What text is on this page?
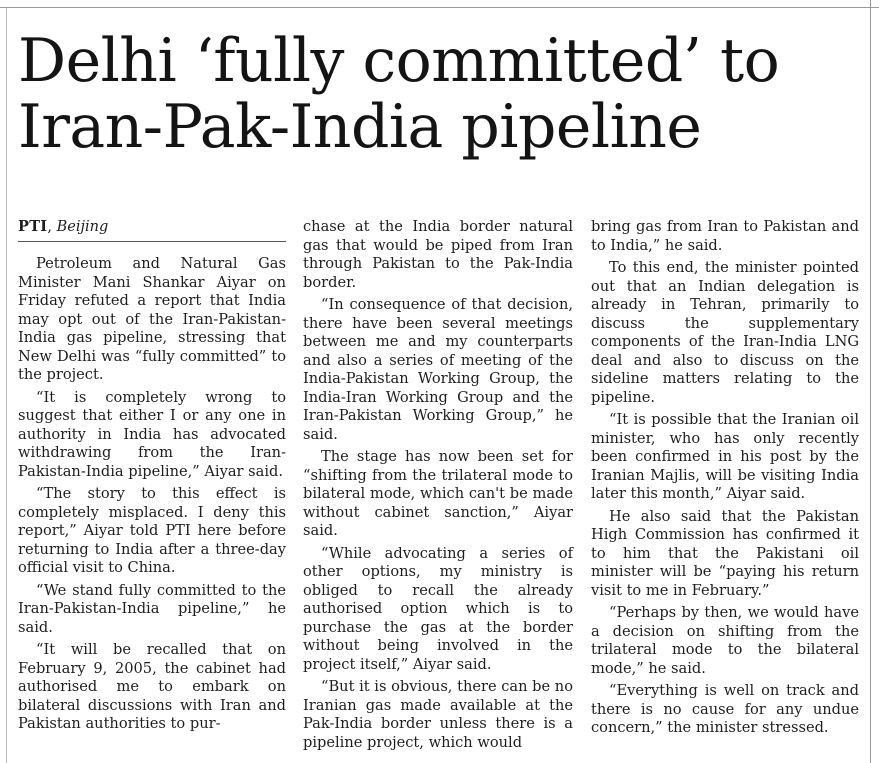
Delhi ‘fully committed’ to
Iran-Pak-India pipeline
PTI, Beijing

Petroleum and Natural Gas Minister Mani Shankar Aiyar on Friday refuted a report that India may opt out of the Iran-Pakistan-India gas pipeline, stressing that New Delhi was “fully committed” to the project.

“It is completely wrong to suggest that either I or any one in authority in India has advocated withdrawing from the Iran-Pakistan-India pipeline,” Aiyar said.

“The story to this effect is completely misplaced. I deny this report,” Aiyar told PTI here before returning to India after a three-day official visit to China.

“We stand fully committed to the Iran-Pakistan-India pipeline,” he said.

“It will be recalled that on February 9, 2005, the cabinet had authorised me to embark on bilateral discussions with Iran and Pakistan authorities to pur-

chase at the India border natural gas that would be piped from Iran through Pakistan to the Pak-India border.

“In consequence of that decision, there have been several meetings between me and my counterparts and also a series of meeting of the India-Pakistan Working Group, the India-Iran Working Group and the Iran-Pakistan Working Group,” he said.

The stage has now been set for “shifting from the trilateral mode to bilateral mode, which can't be made without cabinet sanction,” Aiyar said.

“While advocating a series of other options, my ministry is obliged to recall the already authorised option which is to purchase the gas at the border without being involved in the project itself,” Aiyar said.

“But it is obvious, there can be no Iranian gas made available at the Pak-India border unless there is a pipeline project, which would

bring gas from Iran to Pakistan and to India,” he said.

To this end, the minister pointed out that an Indian delegation is already in Tehran, primarily to discuss the supplementary components of the Iran-India LNG deal and also to discuss on the sideline matters relating to the pipeline.

“It is possible that the Iranian oil minister, who has only recently been confirmed in his post by the Iranian Majlis, will be visiting India later this month,” Aiyar said.

He also said that the Pakistan High Commission has confirmed it to him that the Pakistani oil minister will be “paying his return visit to me in February.”

“Perhaps by then, we would have a decision on shifting from the trilateral mode to the bilateral mode,” he said.

“Everything is well on track and there is no cause for any undue concern,” the minister stressed.
